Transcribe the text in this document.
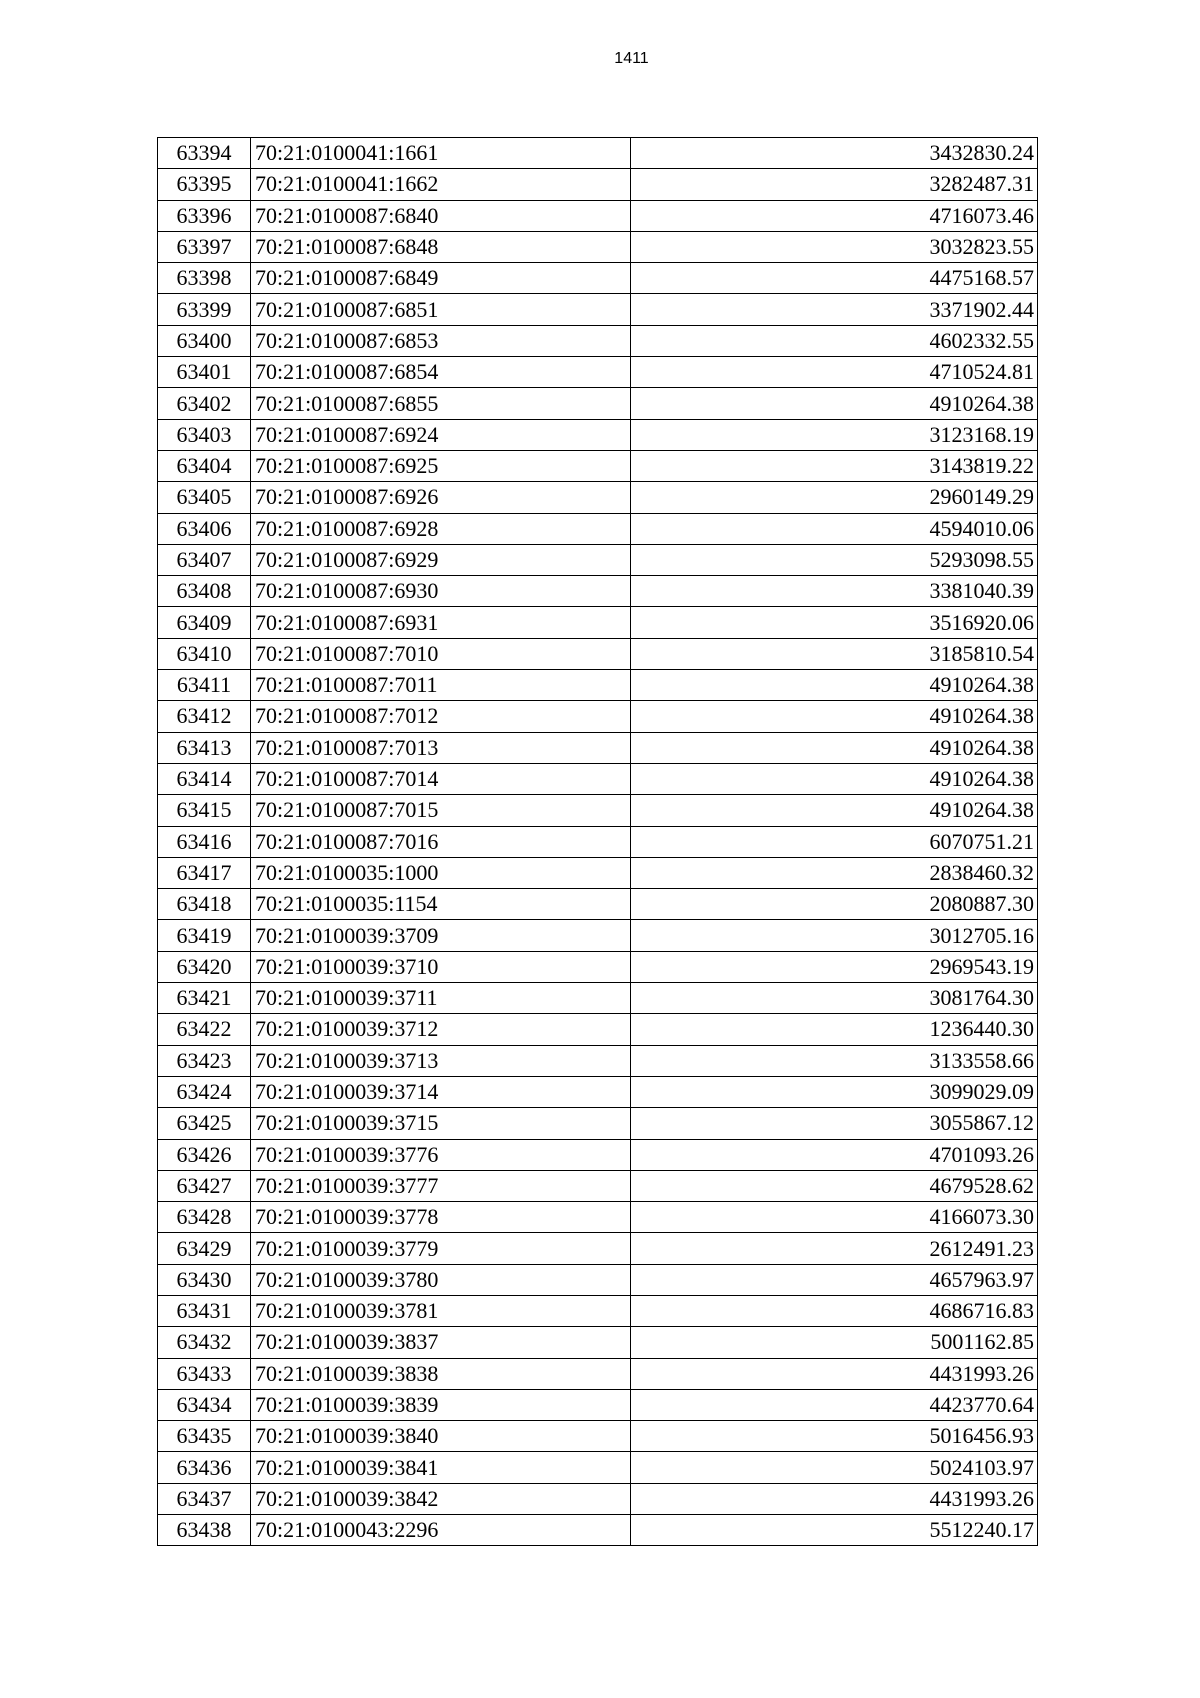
1411
63394	70:21:0100041:1661	3432830.24
63395	70:21:0100041:1662	3282487.31
63396	70:21:0100087:6840	4716073.46
63397	70:21:0100087:6848	3032823.55
63398	70:21:0100087:6849	4475168.57
63399	70:21:0100087:6851	3371902.44
63400	70:21:0100087:6853	4602332.55
63401	70:21:0100087:6854	4710524.81
63402	70:21:0100087:6855	4910264.38
63403	70:21:0100087:6924	3123168.19
63404	70:21:0100087:6925	3143819.22
63405	70:21:0100087:6926	2960149.29
63406	70:21:0100087:6928	4594010.06
63407	70:21:0100087:6929	5293098.55
63408	70:21:0100087:6930	3381040.39
63409	70:21:0100087:6931	3516920.06
63410	70:21:0100087:7010	3185810.54
63411	70:21:0100087:7011	4910264.38
63412	70:21:0100087:7012	4910264.38
63413	70:21:0100087:7013	4910264.38
63414	70:21:0100087:7014	4910264.38
63415	70:21:0100087:7015	4910264.38
63416	70:21:0100087:7016	6070751.21
63417	70:21:0100035:1000	2838460.32
63418	70:21:0100035:1154	2080887.30
63419	70:21:0100039:3709	3012705.16
63420	70:21:0100039:3710	2969543.19
63421	70:21:0100039:3711	3081764.30
63422	70:21:0100039:3712	1236440.30
63423	70:21:0100039:3713	3133558.66
63424	70:21:0100039:3714	3099029.09
63425	70:21:0100039:3715	3055867.12
63426	70:21:0100039:3776	4701093.26
63427	70:21:0100039:3777	4679528.62
63428	70:21:0100039:3778	4166073.30
63429	70:21:0100039:3779	2612491.23
63430	70:21:0100039:3780	4657963.97
63431	70:21:0100039:3781	4686716.83
63432	70:21:0100039:3837	5001162.85
63433	70:21:0100039:3838	4431993.26
63434	70:21:0100039:3839	4423770.64
63435	70:21:0100039:3840	5016456.93
63436	70:21:0100039:3841	5024103.97
63437	70:21:0100039:3842	4431993.26
63438	70:21:0100043:2296	5512240.17
